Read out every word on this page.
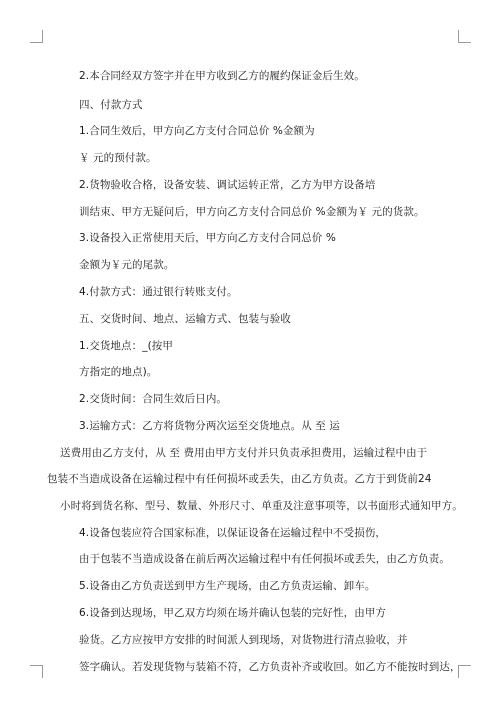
2.本合同经双方签字并在甲方收到乙方的履约保证金后生效。
四、付款方式
1.合同生效后，甲方向乙方支付合同总价 %金额为
￥ 元的预付款。
2.货物验收合格，设备安装、调试运转正常，乙方为甲方设备培
训结束、甲方无疑问后，甲方向乙方支付合同总价 %金额为￥ 元的货款。
3.设备投入正常使用天后，甲方向乙方支付合同总价 %
金额为￥元的尾款。
4.付款方式：通过银行转账支付。
五、交货时间、地点、运输方式、包装与验收
1.交货地点：_(按甲
方指定的地点)。
2.交货时间：合同生效后日内。
3.运输方式：乙方将货物分两次运至交货地点。从 至 运
送费用由乙方支付，从 至 费用由甲方支付并只负责承担费用，运输过程中由于
包装不当造成设备在运输过程中有任何损坏或丢失，由乙方负责。乙方于到货前24
小时将到货名称、型号、数量、外形尺寸、单重及注意事项等，以书面形式通知甲方。
4.设备包装应符合国家标准，以保证设备在运输过程中不受损伤，
由于包装不当造成设备在前后两次运输过程中有任何损坏或丢失，由乙方负责。
5.设备由乙方负责送到甲方生产现场，由乙方负责运输、卸车。
6.设备到达现场，甲乙双方均须在场并确认包装的完好性，由甲方
验货。乙方应按甲方安排的时间派人到现场，对货物进行清点验收，并
签字确认。若发现货物与装箱不符，乙方负责补齐或收回。如乙方不能按时到达，
